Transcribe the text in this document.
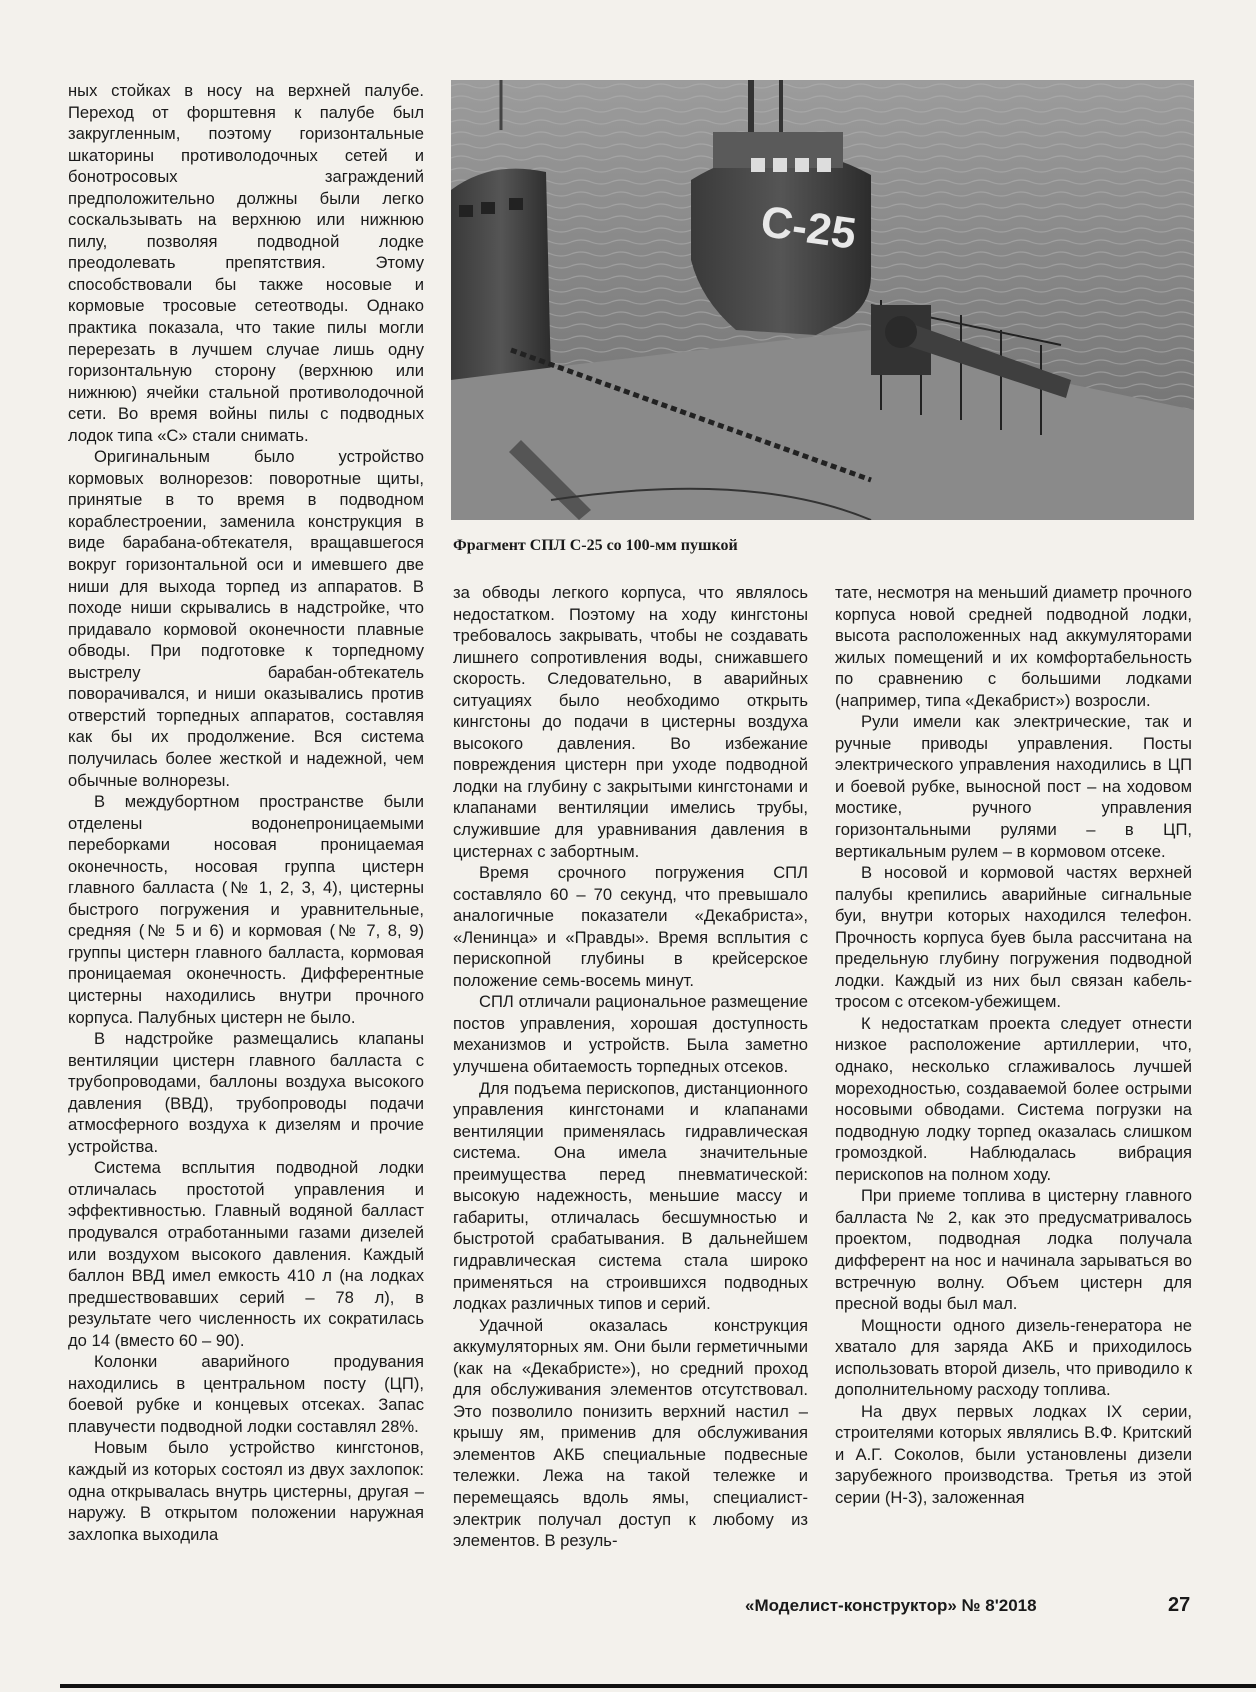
ных стойках в носу на верхней палубе. Переход от форштевня к палубе был закругленным, поэтому горизонтальные шкаторины противолодочных сетей и бонотросовых заграждений предположительно должны были легко соскальзывать на верхнюю или нижнюю пилу, позволяя подводной лодке преодолевать препятствия. Этому способствовали бы также носовые и кормовые тросовые сетеотводы. Однако практика показала, что такие пилы могли перерезать в лучшем случае лишь одну горизонтальную сторону (верхнюю или нижнюю) ячейки стальной противолодочной сети. Во время войны пилы с подводных лодок типа «С» стали снимать.

Оригинальным было устройство кормовых волнорезов: поворотные щиты, принятые в то время в подводном кораблестроении, заменила конструкция в виде барабана-обтекателя, вращавшегося вокруг горизонтальной оси и имевшего две ниши для выхода торпед из аппаратов. В походе ниши скрывались в надстройке, что придавало кормовой оконечности плавные обводы. При подготовке к торпедному выстрелу барабан-обтекатель поворачивался, и ниши оказывались против отверстий торпедных аппаратов, составляя как бы их продолжение. Вся система получилась более жесткой и надежной, чем обычные волнорезы.

В междубортном пространстве были отделены водонепроницаемыми переборками носовая проницаемая оконечность, носовая группа цистерн главного балласта (№ 1, 2, 3, 4), цистерны быстрого погружения и уравнительные, средняя (№ 5 и 6) и кормовая (№ 7, 8, 9) группы цистерн главного балласта, кормовая проницаемая оконечность. Дифферентные цистерны находились внутри прочного корпуса. Палубных цистерн не было.

В надстройке размещались клапаны вентиляции цистерн главного балласта с трубопроводами, баллоны воздуха высокого давления (ВВД), трубопроводы подачи атмосферного воздуха к дизелям и прочие устройства.

Система всплытия подводной лодки отличалась простотой управления и эффективностью. Главный водяной балласт продувался отработанными газами дизелей или воздухом высокого давления. Каждый баллон ВВД имел емкость 410 л (на лодках предшествовавших серий – 78 л), в результате чего численность их сократилась до 14 (вместо 60 – 90).

Колонки аварийного продувания находились в центральном посту (ЦП), боевой рубке и концевых отсеках. Запас плавучести подводной лодки составлял 28%.

Новым было устройство кингстонов, каждый из которых состоял из двух захлопок: одна открывалась внутрь цистерны, другая – наружу. В открытом положении наружная захлопка выходила

С-25
Фрагмент СПЛ С-25 со 100-мм пушкой

за обводы легкого корпуса, что являлось недостатком. Поэтому на ходу кингстоны требовалось закрывать, чтобы не создавать лишнего сопротивления воды, снижавшего скорость. Следовательно, в аварийных ситуациях было необходимо открыть кингстоны до подачи в цистерны воздуха высокого давления. Во избежание повреждения цистерн при уходе подводной лодки на глубину с закрытыми кингстонами и клапанами вентиляции имелись трубы, служившие для уравнивания давления в цистернах с забортным.

Время срочного погружения СПЛ составляло 60 – 70 секунд, что превышало аналогичные показатели «Декабриста», «Ленинца» и «Правды». Время всплытия с перископной глубины в крейсерское положение семь-восемь минут.

СПЛ отличали рациональное размещение постов управления, хорошая доступность механизмов и устройств. Была заметно улучшена обитаемость торпедных отсеков.

Для подъема перископов, дистанционного управления кингстонами и клапанами вентиляции применялась гидравлическая система. Она имела значительные преимущества перед пневматической: высокую надежность, меньшие массу и габариты, отличалась бесшумностью и быстротой срабатывания. В дальнейшем гидравлическая система стала широко применяться на строившихся подводных лодках различных типов и серий.

Удачной оказалась конструкция аккумуляторных ям. Они были герметичными (как на «Декабристе»), но средний проход для обслуживания элементов отсутствовал. Это позволило понизить верхний настил – крышу ям, применив для обслуживания элементов АКБ специальные подвесные тележки. Лежа на такой тележке и перемещаясь вдоль ямы, специалист-электрик получал доступ к любому из элементов. В резуль-

тате, несмотря на меньший диаметр прочного корпуса новой средней подводной лодки, высота расположенных над аккумуляторами жилых помещений и их комфортабельность по сравнению с большими лодками (например, типа «Декабрист») возросли.

Рули имели как электрические, так и ручные приводы управления. Посты электрического управления находились в ЦП и боевой рубке, выносной пост – на ходовом мостике, ручного управления горизонтальными рулями – в ЦП, вертикальным рулем – в кормовом отсеке.

В носовой и кормовой частях верхней палубы крепились аварийные сигнальные буи, внутри которых находился телефон. Прочность корпуса буев была рассчитана на предельную глубину погружения подводной лодки. Каждый из них был связан кабель-тросом с отсеком-убежищем.

К недостаткам проекта следует отнести низкое расположение артиллерии, что, однако, несколько сглаживалось лучшей мореходностью, создаваемой более острыми носовыми обводами. Система погрузки на подводную лодку торпед оказалась слишком громоздкой. Наблюдалась вибрация перископов на полном ходу.

При приеме топлива в цистерну главного балласта № 2, как это предусматривалось проектом, подводная лодка получала дифферент на нос и начинала зарываться во встречную волну. Объем цистерн для пресной воды был мал.

Мощности одного дизель-генератора не хватало для заряда АКБ и приходилось использовать второй дизель, что приводило к дополнительному расходу топлива.

На двух первых лодках IX серии, строителями которых являлись В.Ф. Критский и А.Г. Соколов, были установлены дизели зарубежного производства. Третья из этой серии (Н-3), заложенная

«Моделист-конструктор» № 8'2018	27
